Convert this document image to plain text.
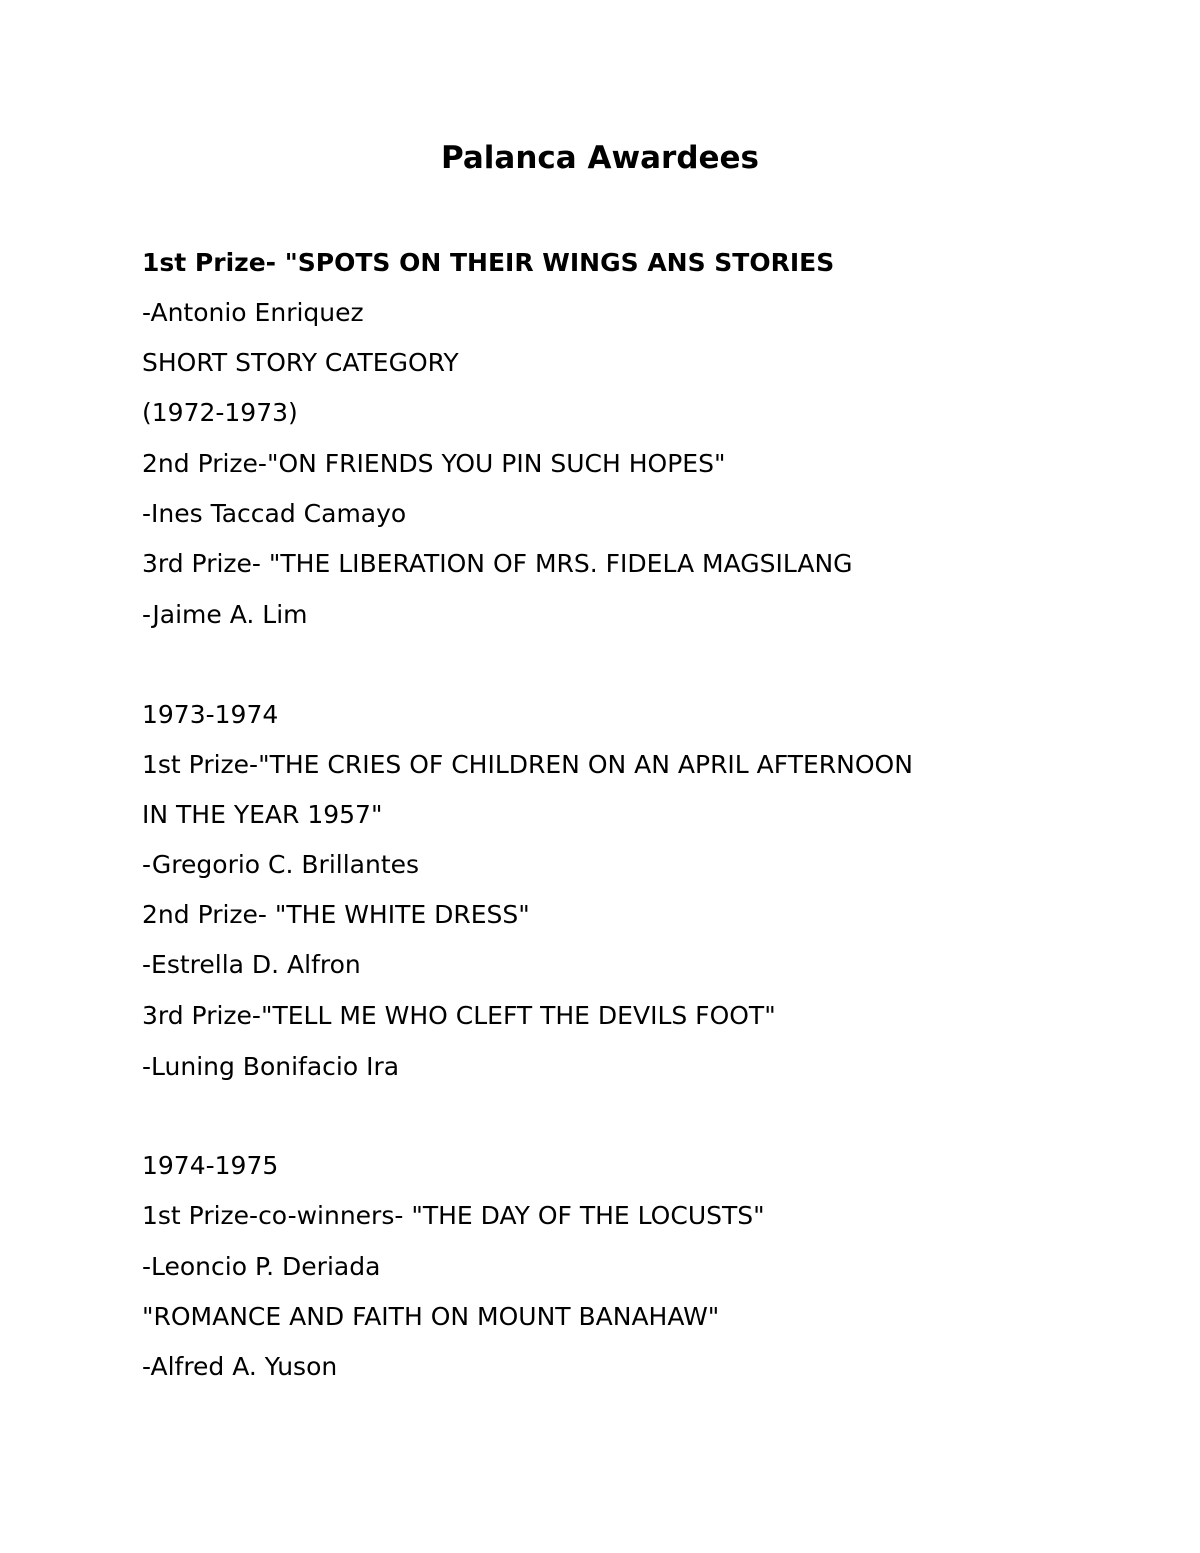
Palanca Awardees

1st Prize- "SPOTS ON THEIR WINGS ANS STORIES

-Antonio Enriquez

SHORT STORY CATEGORY

(1972-1973)

2nd Prize-"ON FRIENDS YOU PIN SUCH HOPES"

-Ines Taccad Camayo

3rd Prize- "THE LIBERATION OF MRS. FIDELA MAGSILANG

-Jaime A. Lim

1973-1974

1st Prize-"THE CRIES OF CHILDREN ON AN APRIL AFTERNOON

IN THE YEAR 1957"

-Gregorio C. Brillantes

2nd Prize- "THE WHITE DRESS"

-Estrella D. Alfron

3rd Prize-"TELL ME WHO CLEFT THE DEVILS FOOT"

-Luning Bonifacio Ira

1974-1975

1st Prize-co-winners- "THE DAY OF THE LOCUSTS"

-Leoncio P. Deriada

"ROMANCE AND FAITH ON MOUNT BANAHAW"

-Alfred A. Yuson
